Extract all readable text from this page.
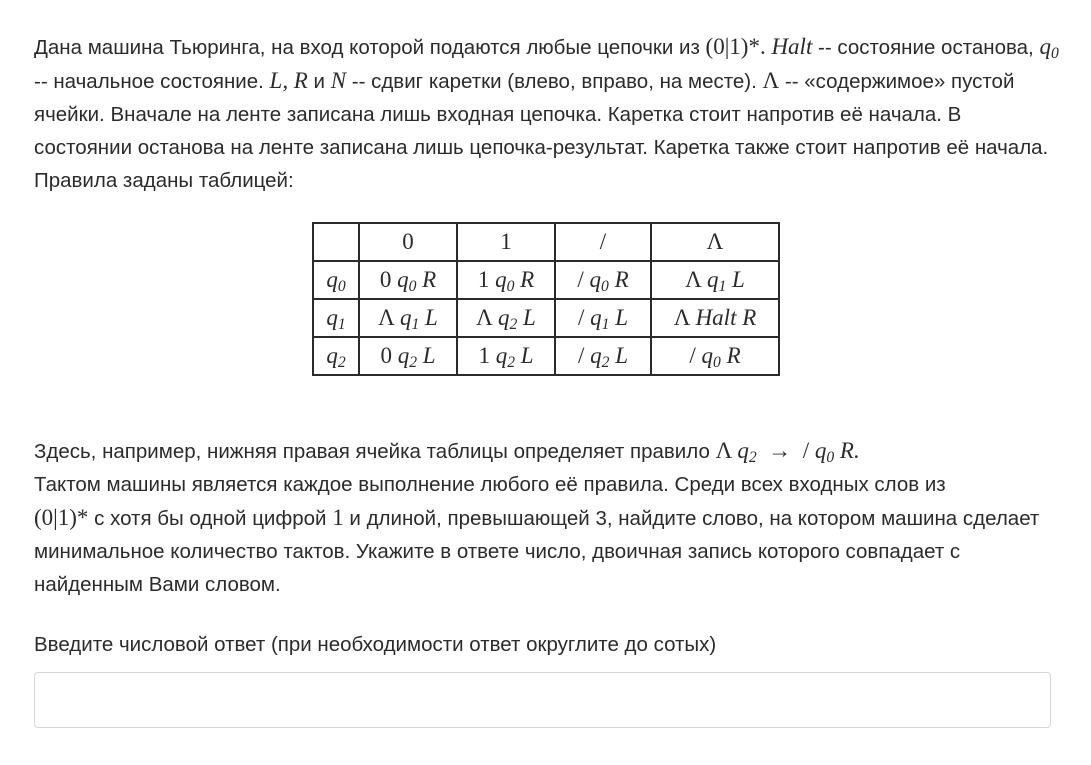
Дана машина Тьюринга, на вход которой подаются любые цепочки из (0|1)*. Halt -- состояние останова, $q_0$ -- начальное состояние. L, R и N -- сдвиг каретки (влево, вправо, на месте). Λ -- «содержимое» пустой ячейки. Вначале на ленте записана лишь входная цепочка. Каретка стоит напротив её начала. В состоянии останова на ленте записана лишь цепочка-результат. Каретка также стоит напротив её начала. Правила заданы таблицей:

	0	1	/	Λ
$q_0$	0 $q_0$ R	1 $q_0$ R	/ $q_0$ R	Λ $q_1$ L
$q_1$	Λ $q_1$ L	Λ $q_2$ L	/ $q_1$ L	Λ Halt R
$q_2$	0 $q_2$ L	1 $q_2$ L	/ $q_2$ L	/ $q_0$ R

Здесь, например, нижняя правая ячейка таблицы определяет правило Λ $q_2$ → / $q_0$ R.
Тактом машины является каждое выполнение любого её правила. Среди всех входных слов из
(0|1)* с хотя бы одной цифрой 1 и длиной, превышающей 3, найдите слово, на котором машина сделает минимальное количество тактов. Укажите в ответе число, двоичная запись которого совпадает с найденным Вами словом.

Введите числовой ответ (при необходимости ответ округлите до сотых)
